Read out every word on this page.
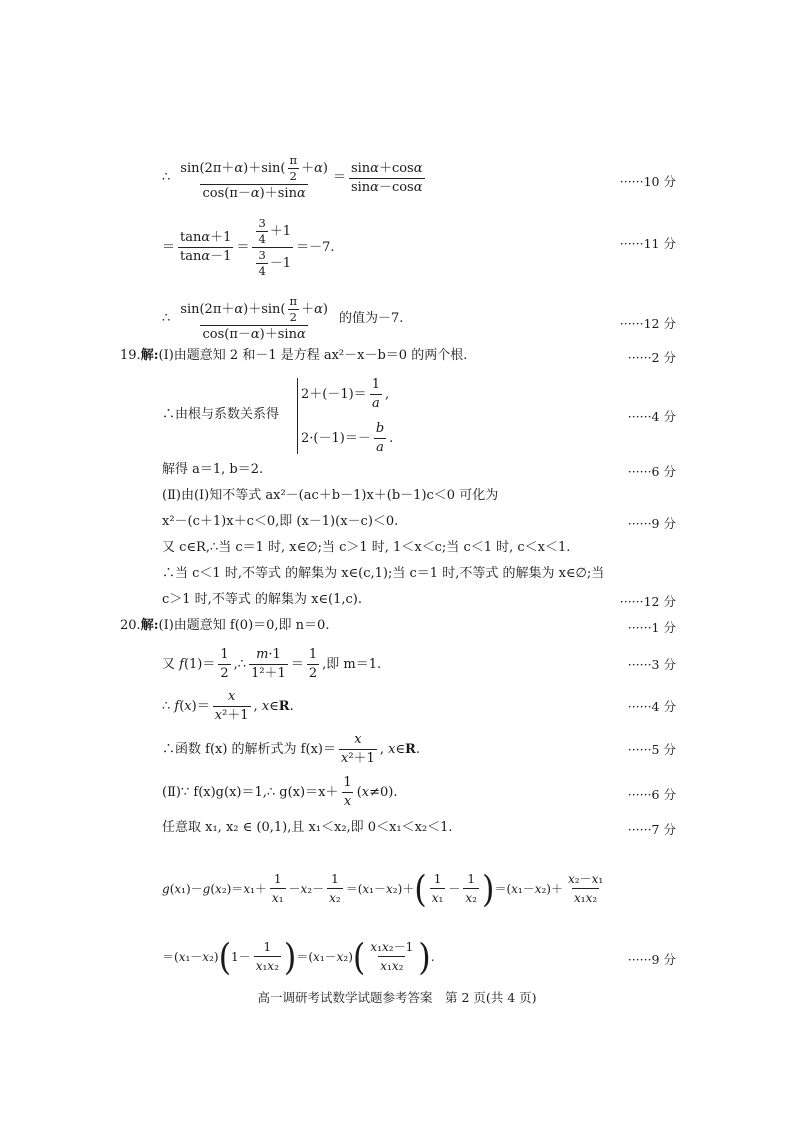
∴ $\frac{\sin(2\pi+ \alpha )+\sin( \frac{\pi}{2} + \alpha )}{\cos(\pi-\alpha)+\sin\alpha} = \frac{\sin\alpha+\cos\alpha}{\sin\alpha-\cos\alpha}$	······10 分
＝ $\frac{\tan\alpha+1}{\tan\alpha-1} = \frac{\frac{3}{4} +1}{\frac{3}{4} -1} =-7$.	······11 分
∴ $\frac{\sin(2\pi+ \alpha )+\sin( \frac{\pi}{2} + \alpha )}{\cos(\pi-\alpha)+\sin\alpha}$ 的值为－7.	······12 分
19. 解: (Ⅰ)由题意知 2 和－1 是方程 ax²－x－b＝0 的两个根.	······2 分
∴由根与系数关系得
$2+(-1)= \frac{1}{a}$ ,
$2\cdot(-1)=- \frac{b}{a}$ .
······4 分
解得 a＝1, b＝2.	······6 分
(Ⅱ)由(Ⅰ)知不等式 ax²－(ac＋b－1)x＋(b－1)c＜0 可化为
x²－(c＋1)x＋c＜0,即 (x－1)(x－c)＜0.	······9 分
又 c∈R,∴当 c＝1 时, x∈∅;当 c＞1 时, 1＜x＜c;当 c＜1 时, c＜x＜1.
∴当 c＜1 时,不等式 的解集为 x∈(c,1);当 c＝1 时,不等式 的解集为 x∈∅;当
c＞1 时,不等式 的解集为 x∈(1,c).	······12 分
20. 解: (Ⅰ)由题意知 f(0)＝0,即 n＝0.	······1 分
又 $f(1)= \frac{1}{2}$ ,∴ $\frac{m\cdot 1}{\text{1²＋1}} = \frac{1}{2}$ ,即 m＝1.	······3 分
∴ $f(x)= \frac{x}{\text{x²＋1}}$ , x∈R.	······4 分
∴函数 f(x) 的解析式为 $f(x)= \frac{x}{\text{x²＋1}}$ , x∈R.	······5 分
(Ⅱ)∵ f(x)g(x)＝1,∴ $g(x)=x+ \frac{1}{x} (x\ne 0)$.	······6 分
任意取 x₁, x₂ ∈ (0,1),且 x₁＜x₂,即 0＜x₁＜x₂＜1.	······7 分
$g(x_1)-g(x_2)=x_1+ \frac{1}{\text{x₁}} -x_2- \frac{1}{\text{x₂}} =(x_1-x_2)+$ ( $\frac{1}{\text{x₁}} - \frac{1}{\text{x₂}}$ ) $=(x_1-x_2)+ \frac{\text{x₂－x₁}}{\text{x₁x₂}}$
＝(x₁－x₂) ( $1- \frac{1}{\text{x₁x₂}}$ ) ＝(x₁－x₂) ( $\frac{\text{x₁x₂－1}}{\text{x₁x₂}}$ ) .	······9 分
高一调研考试数学试题参考答案　第 2 页(共 4 页)
